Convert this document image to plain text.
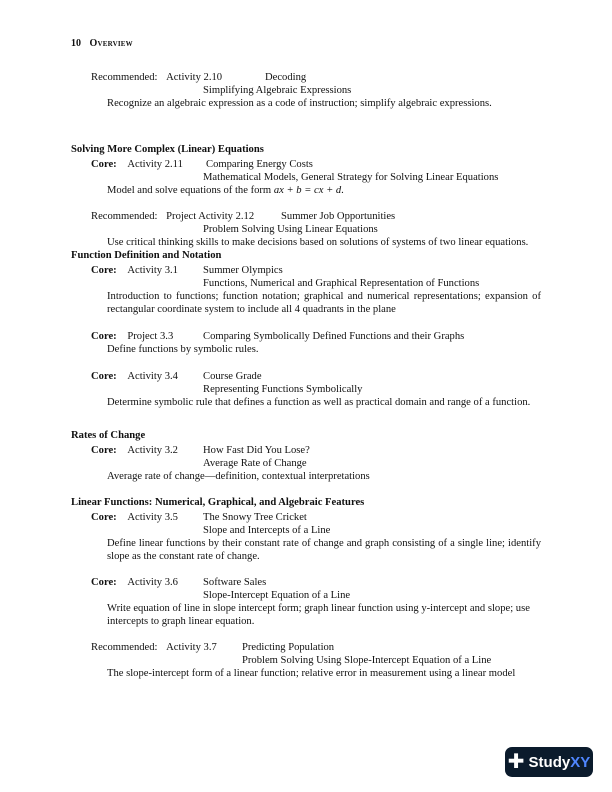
10 Overview
Recommended: Activity 2.10	Decoding
Simplifying Algebraic Expressions
Recognize an algebraic expression as a code of instruction; simplify algebraic expressions.
Solving More Complex (Linear) Equations
Core: Activity 2.11 Comparing Energy Costs
Mathematical Models, General Strategy for Solving Linear Equations
Model and solve equations of the form ax + b = cx + d.
Recommended: Project Activity 2.12	Summer Job Opportunities
Problem Solving Using Linear Equations
Use critical thinking skills to make decisions based on solutions of systems of two linear equations.
Function Definition and Notation
Core: Activity 3.1 Summer Olympics
Functions, Numerical and Graphical Representation of Functions
Introduction to functions; function notation; graphical and numerical representations; expansion of rectangular coordinate system to include all 4 quadrants in the plane
Core: Project 3.3	Comparing Symbolically Defined Functions and their Graphs
Define functions by symbolic rules.
Core: Activity 3.4 Course Grade
Representing Functions Symbolically
Determine symbolic rule that defines a function as well as practical domain and range of a function.
Rates of Change
Core: Activity 3.2 How Fast Did You Lose?
Average Rate of Change
Average rate of change—definition, contextual interpretations
Linear Functions: Numerical, Graphical, and Algebraic Features
Core: Activity 3.5 The Snowy Tree Cricket
Slope and Intercepts of a Line
Define linear functions by their constant rate of change and graph consisting of a single line; identify slope as the constant rate of change.
Core: Activity 3.6 Software Sales
Slope-Intercept Equation of a Line
Write equation of line in slope intercept form; graph linear function using y-intercept and slope; use intercepts to graph linear equation.
Recommended: Activity 3.7 Predicting Population
Problem Solving Using Slope-Intercept Equation of a Line
The slope-intercept form of a linear function; relative error in measurement using a linear model
✚ Study XY
